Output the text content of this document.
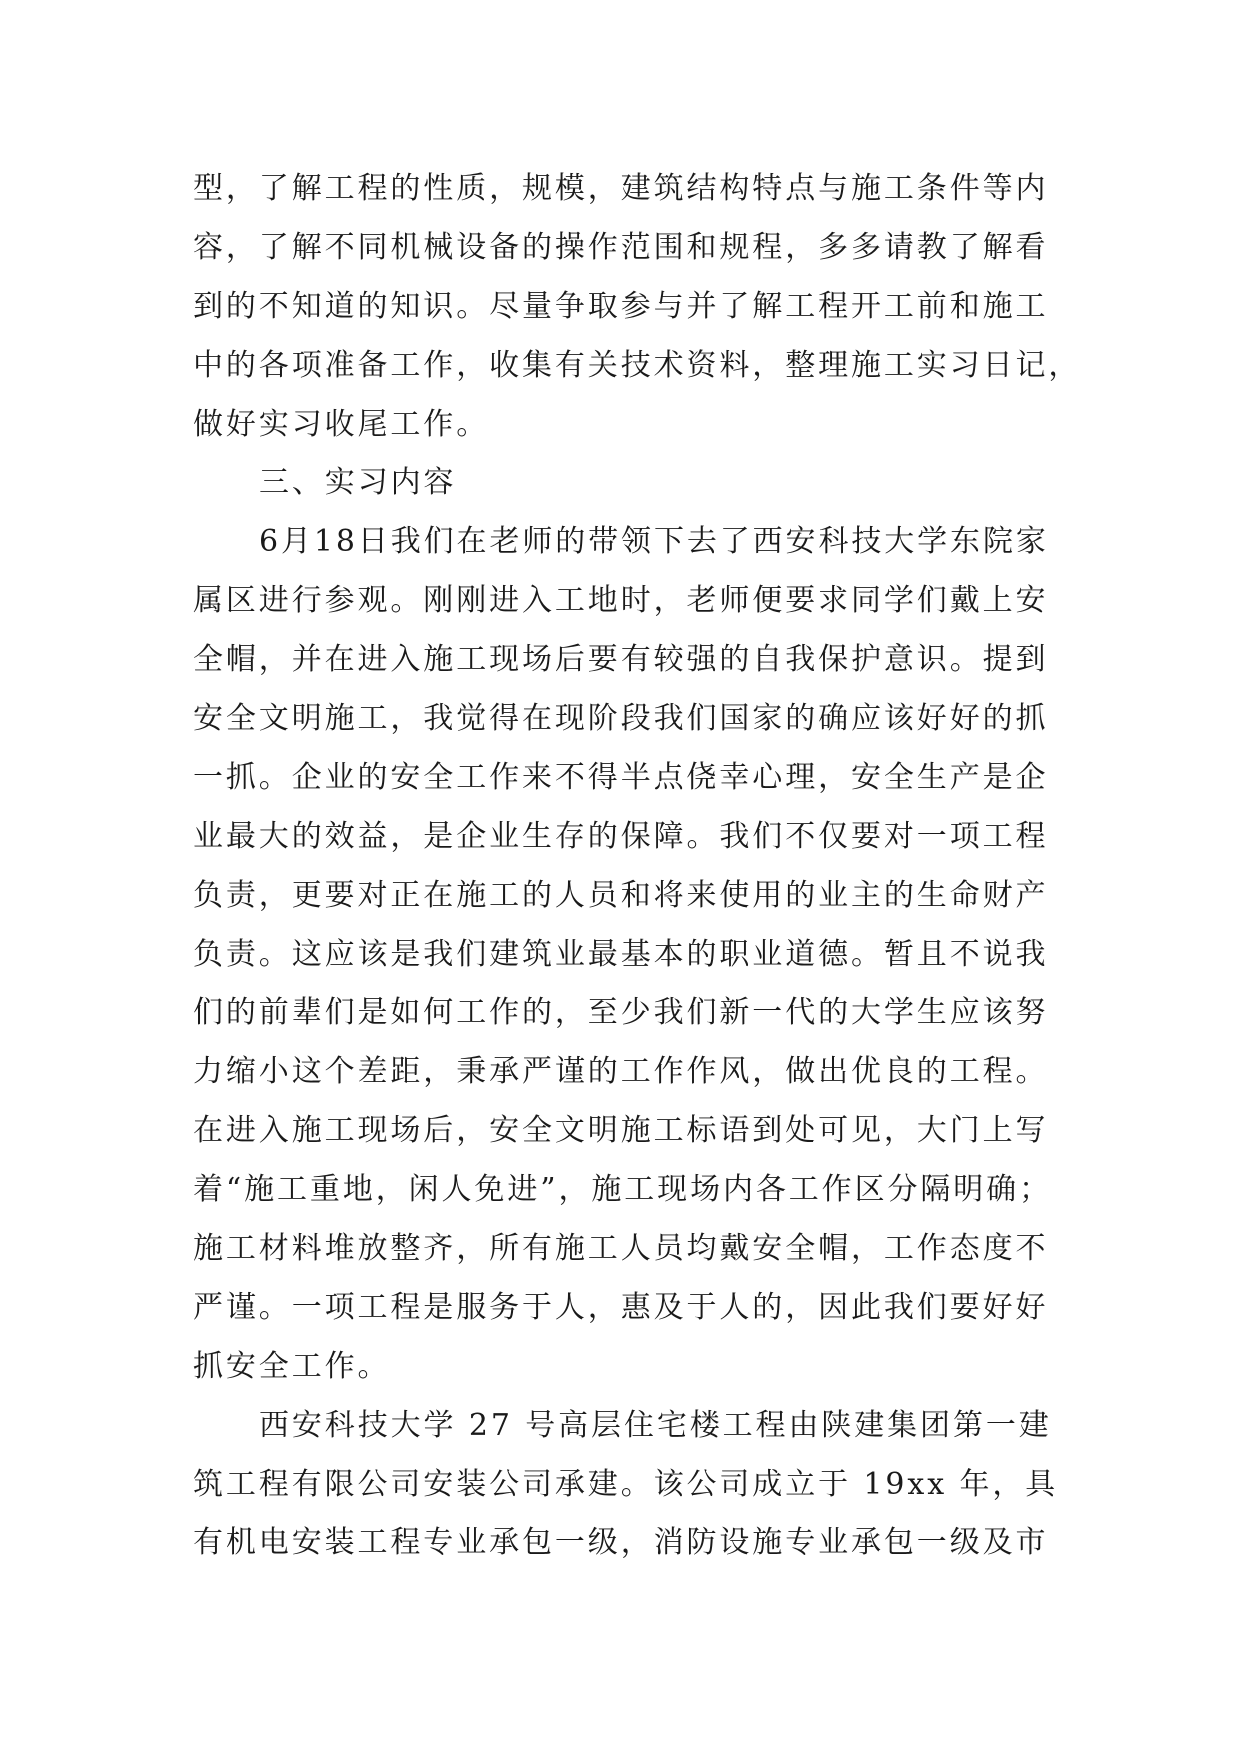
型，了解工程的性质，规模，建筑结构特点与施工条件等内
容，了解不同机械设备的操作范围和规程，多多请教了解看
到的不知道的知识。尽量争取参与并了解工程开工前和施工
中的各项准备工作，收集有关技术资料，整理施工实习日记，
做好实习收尾工作。
三、实习内容
6月18日我们在老师的带领下去了西安科技大学东院家
属区进行参观。刚刚进入工地时，老师便要求同学们戴上安
全帽，并在进入施工现场后要有较强的自我保护意识。提到
安全文明施工，我觉得在现阶段我们国家的确应该好好的抓
一抓。企业的安全工作来不得半点侥幸心理，安全生产是企
业最大的效益，是企业生存的保障。我们不仅要对一项工程
负责，更要对正在施工的人员和将来使用的业主的生命财产
负责。这应该是我们建筑业最基本的职业道德。暂且不说我
们的前辈们是如何工作的，至少我们新一代的大学生应该努
力缩小这个差距，秉承严谨的工作作风，做出优良的工程。
在进入施工现场后，安全文明施工标语到处可见，大门上写
着“施工重地，闲人免进”，施工现场内各工作区分隔明确；
施工材料堆放整齐，所有施工人员均戴安全帽，工作态度不
严谨。一项工程是服务于人，惠及于人的，因此我们要好好
抓安全工作。
西安科技大学 27 号高层住宅楼工程由陕建集团第一建
筑工程有限公司安装公司承建。该公司成立于 19xx 年，具
有机电安装工程专业承包一级，消防设施专业承包一级及市
